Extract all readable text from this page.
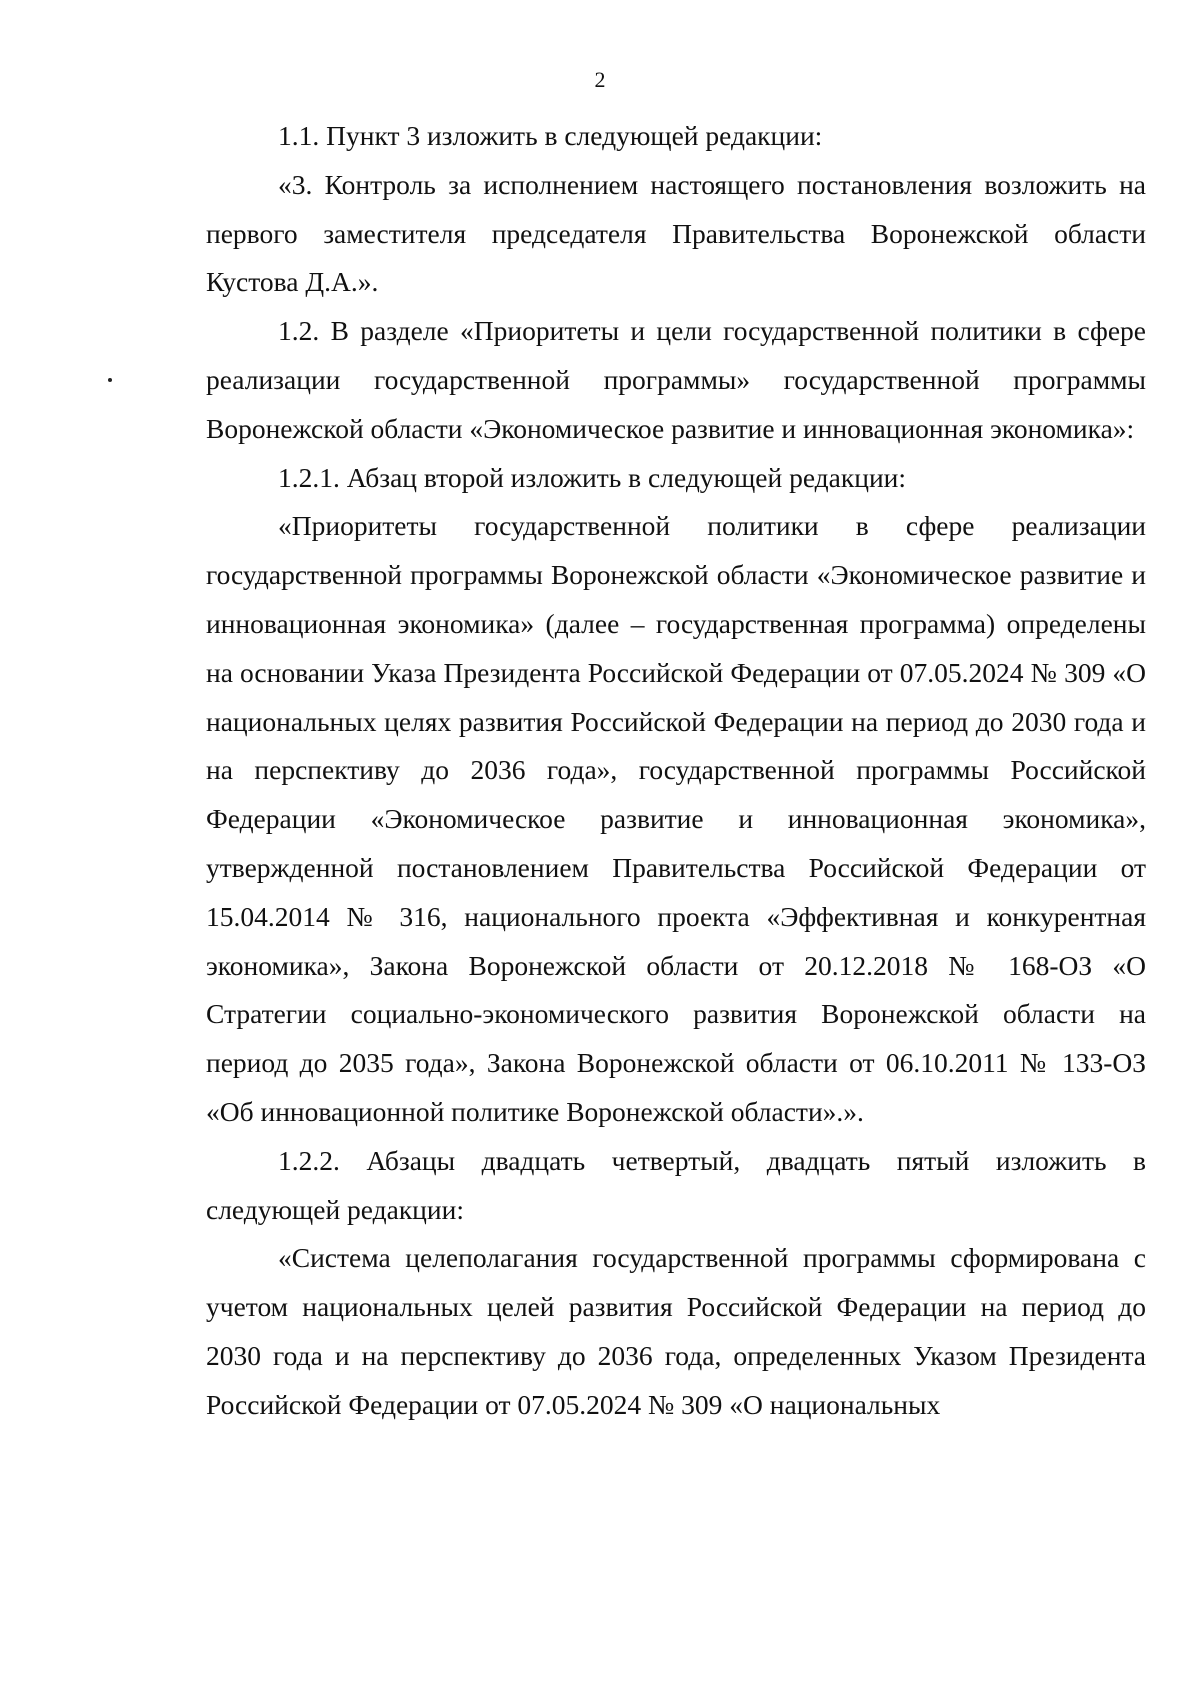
2

1.1. Пункт 3 изложить в следующей редакции:

«3. Контроль за исполнением настоящего постановления возложить на первого заместителя председателя Правительства Воронежской области Кустова Д.А.».

1.2. В разделе «Приоритеты и цели государственной политики в сфере реализации государственной программы» государственной программы Воронежской области «Экономическое развитие и инновационная экономика»:

1.2.1. Абзац второй изложить в следующей редакции:

«Приоритеты государственной политики в сфере реализации государственной программы Воронежской области «Экономическое развитие и инновационная экономика» (далее – государственная программа) определены на основании Указа Президента Российской Федерации от 07.05.2024 № 309 «О национальных целях развития Российской Федерации на период до 2030 года и на перспективу до 2036 года», государственной программы Российской Федерации «Экономическое развитие и инновационная экономика», утвержденной постановлением Правительства Российской Федерации от 15.04.2014 № 316, национального проекта «Эффективная и конкурентная экономика», Закона Воронежской области от 20.12.2018 № 168-ОЗ «О Стратегии социально-экономического развития Воронежской области на период до 2035 года», Закона Воронежской области от 06.10.2011 № 133-ОЗ «Об инновационной политике Воронежской области».».

1.2.2. Абзацы двадцать четвертый, двадцать пятый изложить в следующей редакции:

«Система целеполагания государственной программы сформирована с учетом национальных целей развития Российской Федерации на период до 2030 года и на перспективу до 2036 года, определенных Указом Президента Российской Федерации от 07.05.2024 № 309 «О национальных
